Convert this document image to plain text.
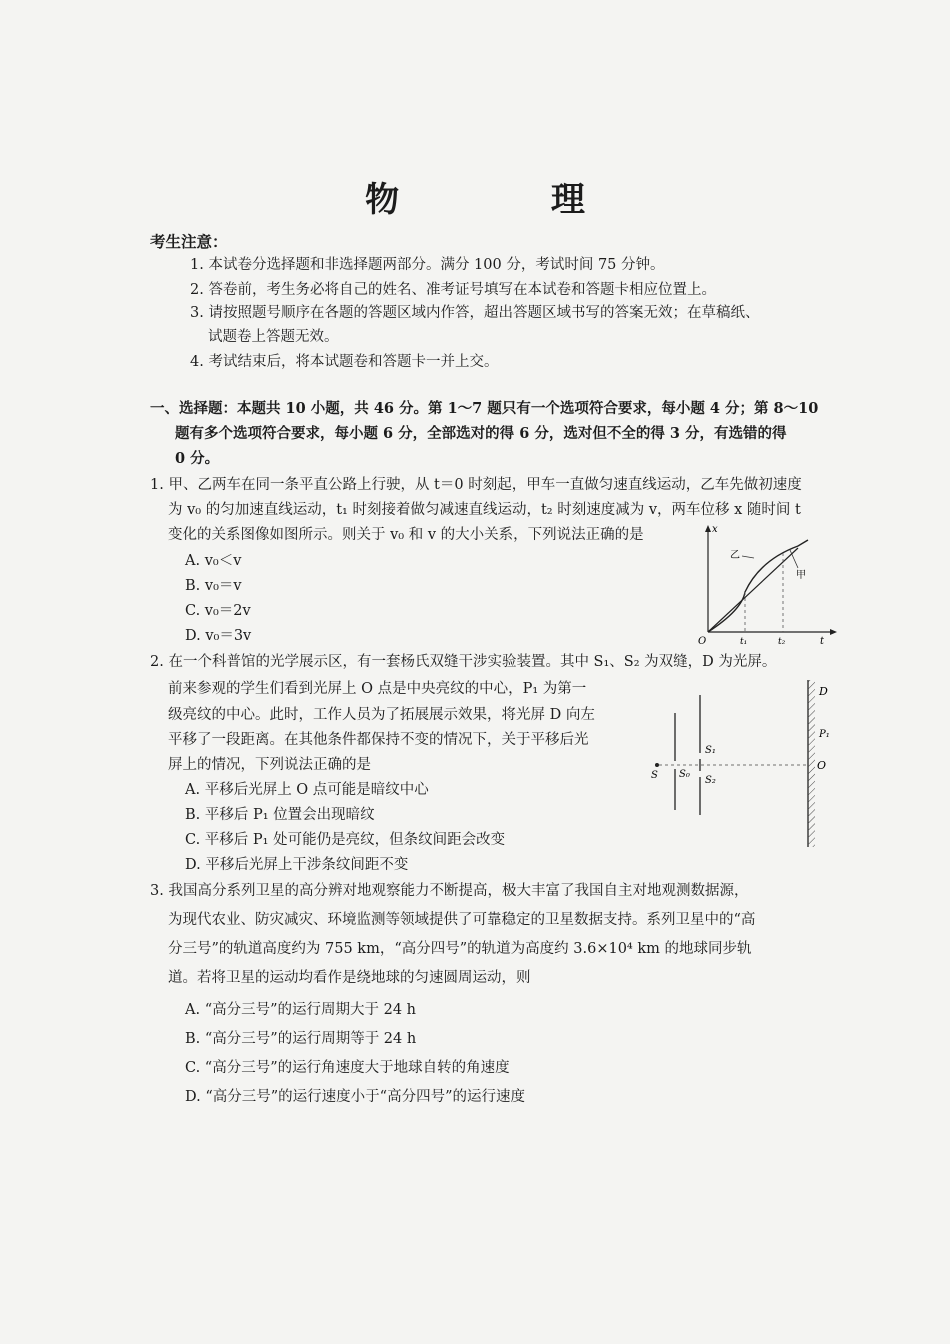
物 理
考生注意：
1. 本试卷分选择题和非选择题两部分。满分 100 分，考试时间 75 分钟。
2. 答卷前，考生务必将自己的姓名、准考证号填写在本试卷和答题卡相应位置上。
3. 请按照题号顺序在各题的答题区域内作答，超出答题区域书写的答案无效；在草稿纸、
试题卷上答题无效。
4. 考试结束后，将本试题卷和答题卡一并上交。
一、选择题：本题共 10 小题，共 46 分。第 1～7 题只有一个选项符合要求，每小题 4 分；第 8～10
题有多个选项符合要求，每小题 6 分，全部选对的得 6 分，选对但不全的得 3 分，有选错的得
0 分。
1. 甲、乙两车在同一条平直公路上行驶，从 t＝0 时刻起，甲车一直做匀速直线运动，乙车先做初速度
为 v₀ 的匀加速直线运动，t₁ 时刻接着做匀减速直线运动，t₂ 时刻速度减为 v，两车位移 x 随时间 t
变化的关系图像如图所示。则关于 v₀ 和 v 的大小关系，下列说法正确的是
A. v₀＜v
B. v₀＝v
C. v₀＝2v
D. v₀＝3v
x
t
O	t₁	t₂
乙
甲
2. 在一个科普馆的光学展示区，有一套杨氏双缝干涉实验装置。其中 S₁、S₂ 为双缝，D 为光屏。
前来参观的学生们看到光屏上 O 点是中央亮纹的中心，P₁ 为第一
级亮纹的中心。此时，工作人员为了拓展展示效果，将光屏 D 向左
平移了一段距离。在其他条件都保持不变的情况下，关于平移后光
屏上的情况，下列说法正确的是
A. 平移后光屏上 O 点可能是暗纹中心
B. 平移后 P₁ 位置会出现暗纹
C. 平移后 P₁ 处可能仍是亮纹，但条纹间距会改变
D. 平移后光屏上干涉条纹间距不变
S S₀
S₁
S₂
D
P₁
O
3. 我国高分系列卫星的高分辨对地观察能力不断提高，极大丰富了我国自主对地观测数据源，
为现代农业、防灾减灾、环境监测等领域提供了可靠稳定的卫星数据支持。系列卫星中的“高
分三号”的轨道高度约为 755 km，“高分四号”的轨道为高度约 3.6×10⁴ km 的地球同步轨
道。若将卫星的运动均看作是绕地球的匀速圆周运动，则
A. “高分三号”的运行周期大于 24 h
B. “高分三号”的运行周期等于 24 h
C. “高分三号”的运行角速度大于地球自转的角速度
D. “高分三号”的运行速度小于“高分四号”的运行速度
